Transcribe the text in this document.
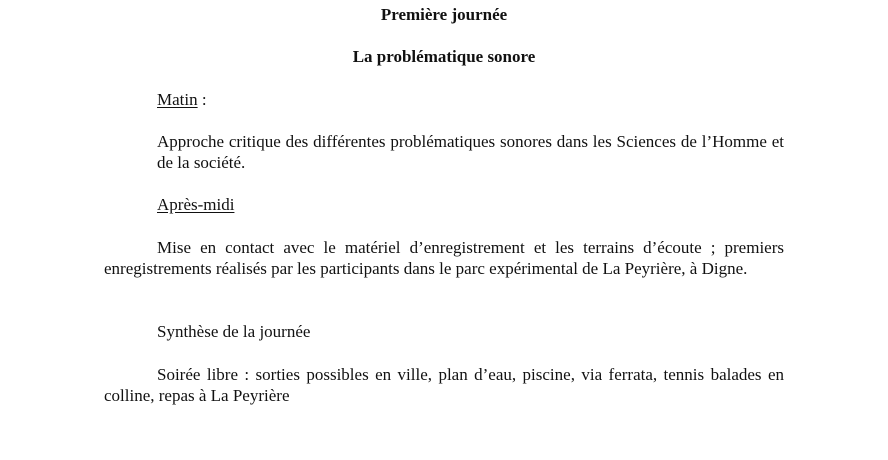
Première journée

La problématique sonore

Matin :

Approche critique des différentes problématiques sonores dans les Sciences de l’Homme et de la société.

Après-midi

Mise en contact avec le matériel d’enregistrement et les terrains d’écoute ; premiers enregistrements réalisés par les participants dans le parc expérimental de La Peyrière, à Digne.

Synthèse de la journée

Soirée libre : sorties possibles en ville, plan d’eau, piscine, via ferrata, tennis balades en colline, repas à La Peyrière
